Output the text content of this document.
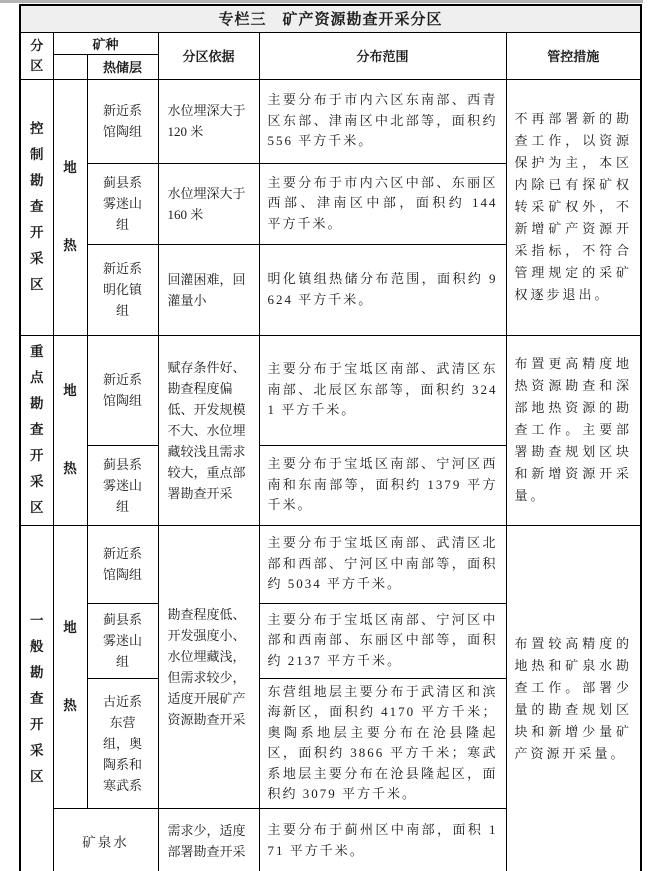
专栏三　矿产资源勘查开采分区					
分区	矿种		分区依据	分布范围	管控措施
		热储层			
控制勘查开采区	地热	新近系馆陶组	水位埋深大于 120 米	主要分布于市内六区东南部、西青区东部、津南区中北部等，面积约 556 平方千米。	不再部署新的勘查工作，以资源保护为主，本区内除已有探矿权转采矿权外，不新增矿产资源开采指标，不符合管理规定的采矿权逐步退出。
		蓟县系雾迷山组	水位埋深大于 160 米	主要分布于市内六区中部、东丽区西部、津南区中部，面积约 144 平方千米。	
		新近系明化镇组	回灌困难，回灌量小	明化镇组热储分布范围，面积约 9624 平方千米。	
重点勘查开采区	地热	新近系馆陶组	赋存条件好、勘查程度偏低、开发规模不大、水位埋藏较浅且需求较大，重点部署勘查开采	主要分布于宝坻区南部、武清区东南部、北辰区东部等，面积约 3241 平方千米。	布置更高精度地热资源勘查和深部地热资源的勘查工作。主要部署勘查规划区块和新增资源开采量。
		蓟县系雾迷山组		主要分布于宝坻区南部、宁河区西南和东南部等，面积约 1379 平方千米。	
一般勘查开采区	地热	新近系馆陶组	勘查程度低、开发强度小、水位埋藏浅，但需求较少，适度开展矿产资源勘查开采	主要分布于宝坻区南部、武清区北部和西部、宁河区中南部等，面积约 5034 平方千米。	布置较高精度的地热和矿泉水勘查工作。部署少量的勘查规划区块和新增少量矿产资源开采量。
		蓟县系雾迷山组		主要分布于宝坻区南部、宁河区中部和西南部、东丽区中部等，面积约 2137 平方千米。	
		古近系东营组，奥陶系和寒武系		东营组地层主要分布于武清区和滨海新区，面积约 4170 平方千米；奥陶系地层主要分布在沧县隆起区，面积约 3866 平方千米；寒武系地层主要分布在沧县隆起区，面积约 3079 平方千米。	
	矿泉水		需求少，适度部署勘查开采	主要分布于蓟州区中南部，面积 171 平方千米。	
